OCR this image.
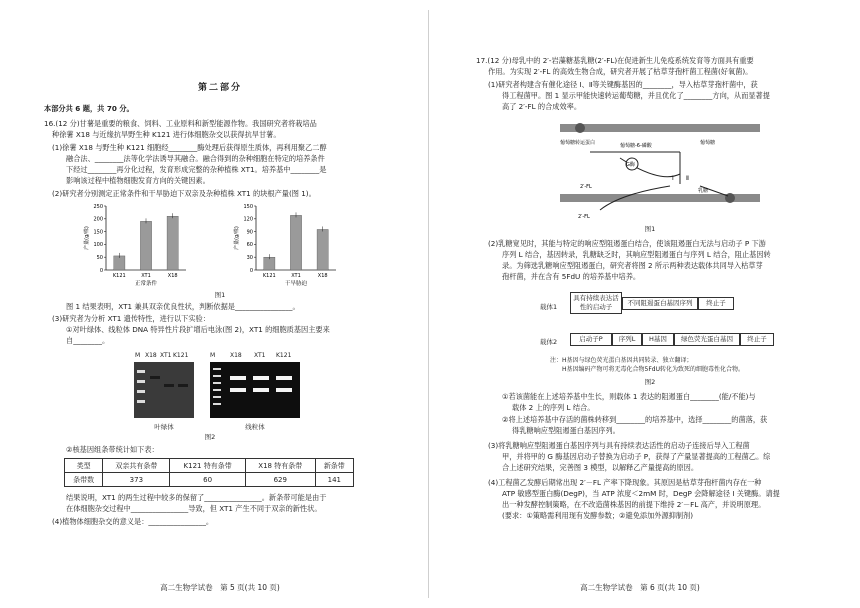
第二部分

本部分共 6 题，共 70 分。

16.(12 分)甘薯是重要的粮食、饲料、工业原料和新型能源作物。我国研究者将栽培品

种徐薯 X18 与近缘抗旱野生种 K121 进行体细胞杂交以获得抗旱甘薯。

(1)徐薯 X18 与野生种 K121 细胞经________酶处理后获得原生质体，再利用聚乙二醇

融合法、________法等化学法诱导其融合。融合得到的杂种细胞在特定的培养条件

下经过________再分化过程，发育形成完整的杂种植株 XT1。培养基中________是

影响该过程中植物细胞发育方向的关键因素。

(2)研究者分别测定正常条件和干旱胁迫下双亲及杂种植株 XT1 的块根产量(图 1)。

250
200
150
100
50
0
产量(g/株)
K121	XT1	X18
正常条件
150
120
90
60
30
0
产量(g/株)
K121	XT1	X18
干旱胁迫
图1

图 1 结果表明，XT1 兼具双亲优良性状，判断依据是________________。

(3)研究者为分析 XT1 遗传特性，进行以下实验：

①对叶绿体、线粒体 DNA 特异性片段扩增后电泳(图 2)，XT1 的细胞质基因主要来

自________。

M X18 XT1 K121
叶绿体
M X18 XT1 K121
线粒体
图2

②核基因组条带统计如下表：

类型	双亲共有条带	K121 特有条带	X18 特有条带	新条带
条带数	373	60	629	141

结果说明，XT1 的两生过程中较多的保留了________________。新条带可能是由于

在体细胞杂交过程中________________导致，但 XT1 产生不同于双亲的新性状。

(4)植物体细胞杂交的意义是：________________。

高二生物学试卷　第 5 页(共 10 页)

17.(12 分)母乳中的 2′-岩藻糖基乳糖(2′-FL)在促进新生儿免疫系统发育等方面具有重要

作用。为实现 2′-FL 的高效生物合成，研究者开展了枯草芽孢杆菌工程菌(好氧菌)。

(1)研究者构建含有催化途径 Ⅰ、Ⅱ等关键酶基因的________，导入枯草芽孢杆菌中，获

得工程菌甲。图 1 显示甲能快速转运葡萄糖，并且优化了________方向，从而显著提

高了 2′-FL 的合成效率。

葡萄糖-6-磷酸
G酶
葡萄糖转运蛋白	葡萄糖
Ⅰ Ⅱ
乳糖
2′-FL
2′-FL
图1

(2)乳糖宽见时，其能与特定的响应型阻遏蛋白结合，使该阻遏蛋白无法与启动子 P 下游

序列 L 结合，基因转录，乳糖缺乏时，其响应型阻遏蛋白与序列 L 结合，阻止基因转

录。为筛选乳糖响应型阻遏蛋白，研究者将图 2 所示两种表达载体共同导入枯草芽

孢杆菌，并在含有 5FdU 的培养基中培养。

载体1
具有持续表达活性的启动子	不同阻遏蛋白基因序列	终止子
载体2	启动子P	序列L	H基因	绿色荧光蛋白基因	终止子

注：H基因与绿色荧光蛋白基因共同转录、独立翻译；

H基因编码产物可将无毒化合物5FdU转化为致死的细胞毒性化合物。

图2

①若该菌能在上述培养基中生长，则载体 1 表达的阻遏蛋白________(能/不能)与

载体 2 上的序列 L 结合。

②将上述培养基中存活的菌株转移到________的培养基中，选择________的菌落，获

得乳糖响应型阻遏蛋白基因序列。

(3)将乳糖响应型阻遏蛋白基因序列与具有持续表达活性的启动子连接后导入工程菌

甲，并将甲的 G 酶基因启动子替换为启动子 P，获得了产量显著提高的工程菌乙。综

合上述研究结果，完善图 3 模型，以解释乙产量提高的原因。

(4)工程菌乙发酵后期常出现 2′－FL 产率下降现象。其原因是枯草芽孢杆菌内存在一种

ATP 敏感型蛋白酶(DegP)，当 ATP 浓度＜2mM 时，DegP 会降解途径 I 关键酶。请提

出一种发酵控制策略，在不改造菌株基因的前提下维持 2′－FL 高产，并说明原理。

(要求：①策略需利用现有发酵参数；②避免添加外源抑制剂)

高二生物学试卷　第 6 页(共 10 页)
